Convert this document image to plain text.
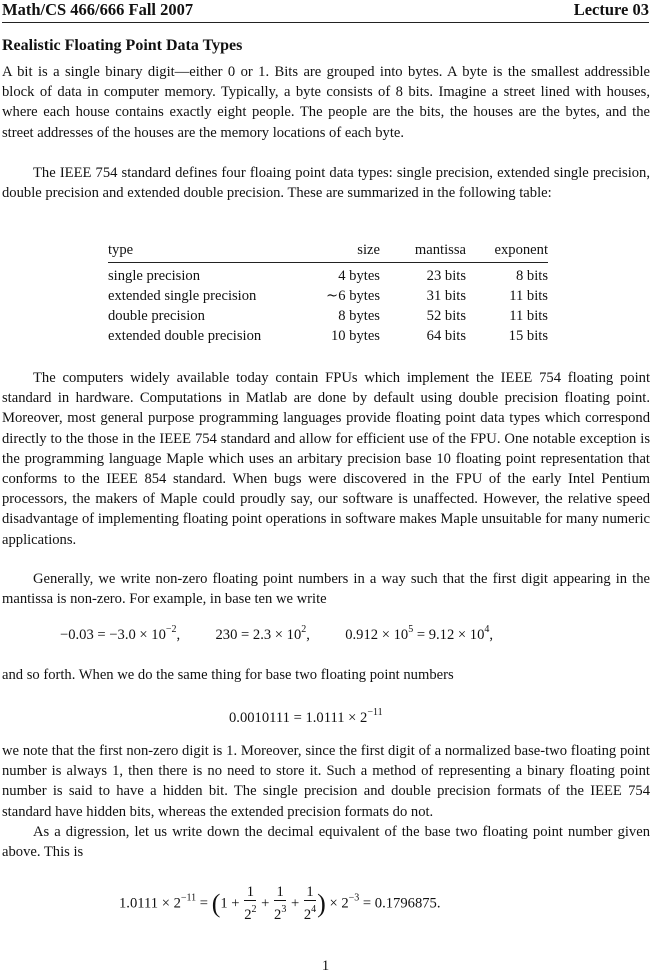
Math/CS 466/666 Fall 2007	Lecture 03
Realistic Floating Point Data Types

A bit is a single binary digit—either 0 or 1. Bits are grouped into bytes. A byte is the smallest addressible block of data in computer memory. Typically, a byte consists of 8 bits. Imagine a street lined with houses, where each house contains exactly eight people. The people are the bits, the houses are the bytes, and the street addresses of the houses are the memory locations of each byte.

The IEEE 754 standard defines four floaing point data types: single precision, extended single precision, double precision and extended double precision. These are summarized in the following table:

type	size	mantissa	exponent
single precision	4 bytes	23 bits	8 bits
extended single precision	∼6 bytes	31 bits	11 bits
double precision	8 bytes	52 bits	11 bits
extended double precision	10 bytes	64 bits	15 bits

The computers widely available today contain FPUs which implement the IEEE 754 floating point standard in hardware. Computations in Matlab are done by default using double precision floating point. Moreover, most general purpose programming languages provide floating point data types which correspond directly to the those in the IEEE 754 standard and allow for efficient use of the FPU. One notable exception is the programming language Maple which uses an arbitary precision base 10 floating point representation that conforms to the IEEE 854 standard. When bugs were discovered in the FPU of the early Intel Pentium processors, the makers of Maple could proudly say, our software is unaffected. However, the relative speed disadvantage of implementing floating point operations in software makes Maple unsuitable for many numeric applications.

Generally, we write non-zero floating point numbers in a way such that the first digit appearing in the mantissa is non-zero. For example, in base ten we write

$-0.03 = -3.0 \times 10^{-2}$,  $230 = 2.3 \times 10^2$,  $0.912 \times 10^5 = 9.12 \times 10^4$,

and so forth. When we do the same thing for base two floating point numbers

$0.0010111 = 1.0111 \times 2^{-11}$

we note that the first non-zero digit is 1. Moreover, since the first digit of a normalized base-two floating point number is always 1, then there is no need to store it. Such a method of representing a binary floating point number is said to have a hidden bit. The single precision and double precision formats of the IEEE 754 standard have hidden bits, whereas the extended precision formats do not.

As a digression, let us write down the decimal equivalent of the base two floating point number given above. This is

$1.0111 \times 2^{-11} = (1 + \frac{1}{2^2} + \frac{1}{2^3} + \frac{1}{2^4}$ ) × $2^{-3} = 0.1796875$.
1
